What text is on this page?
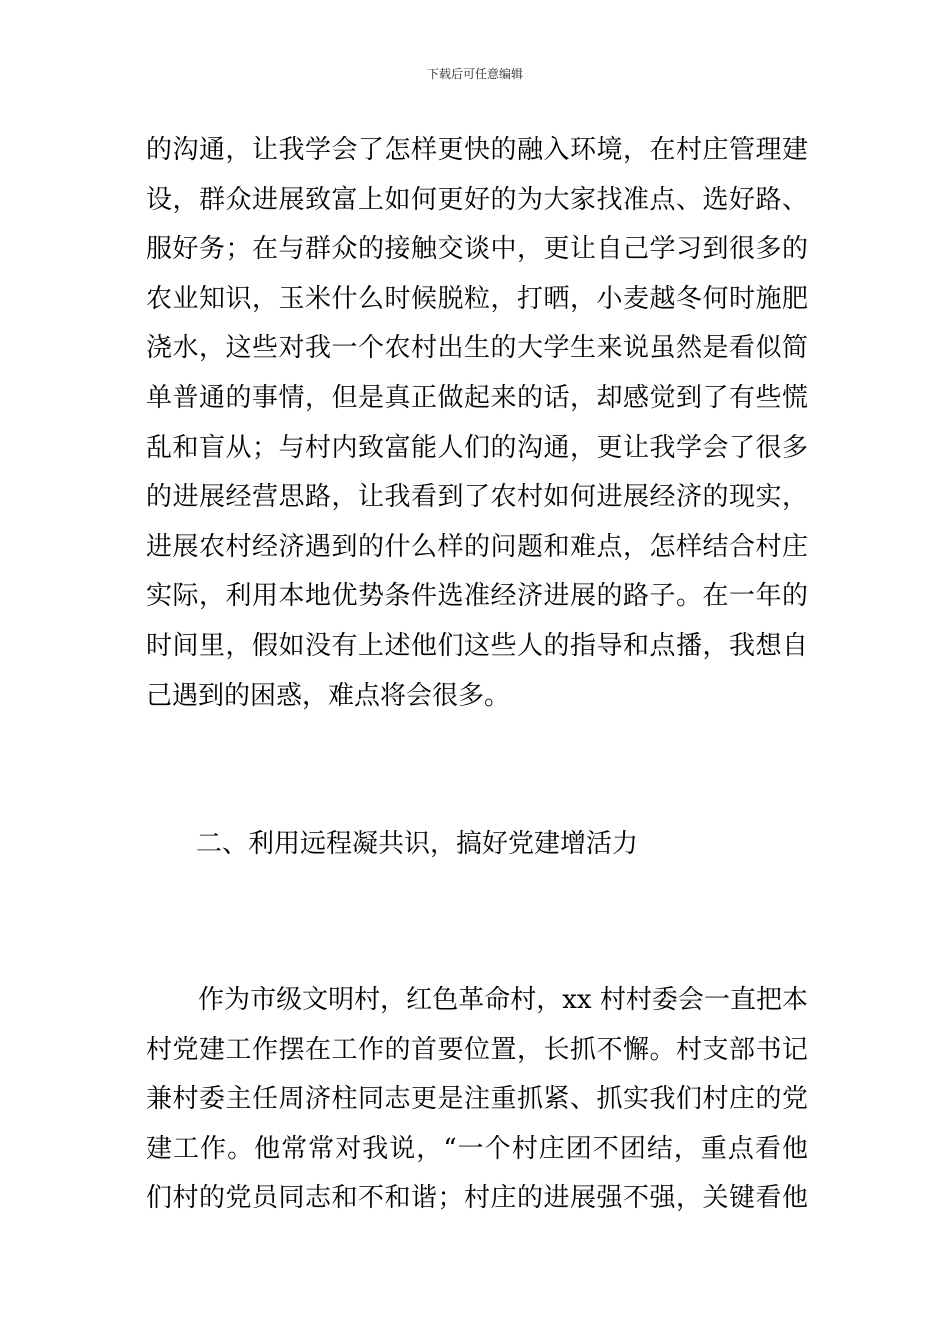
下载后可任意编辑
的沟通，让我学会了怎样更快的融入环境，在村庄管理建
设，群众进展致富上如何更好的为大家找准点、选好路、
服好务；在与群众的接触交谈中，更让自己学习到很多的
农业知识，玉米什么时候脱粒，打晒，小麦越冬何时施肥
浇水，这些对我一个农村出生的大学生来说虽然是看似简
单普通的事情，但是真正做起来的话，却感觉到了有些慌
乱和盲从；与村内致富能人们的沟通，更让我学会了很多
的进展经营思路，让我看到了农村如何进展经济的现实，
进展农村经济遇到的什么样的问题和难点，怎样结合村庄
实际，利用本地优势条件选准经济进展的路子。在一年的
时间里，假如没有上述他们这些人的指导和点播，我想自
己遇到的困惑，难点将会很多。
二、利用远程凝共识，搞好党建增活力
　　作为市级文明村，红色革命村，xx 村村委会一直把本
村党建工作摆在工作的首要位置，长抓不懈。村支部书记
兼村委主任周济柱同志更是注重抓紧、抓实我们村庄的党
建工作。他常常对我说，“一个村庄团不团结，重点看他
们村的党员同志和不和谐；村庄的进展强不强，关键看他
